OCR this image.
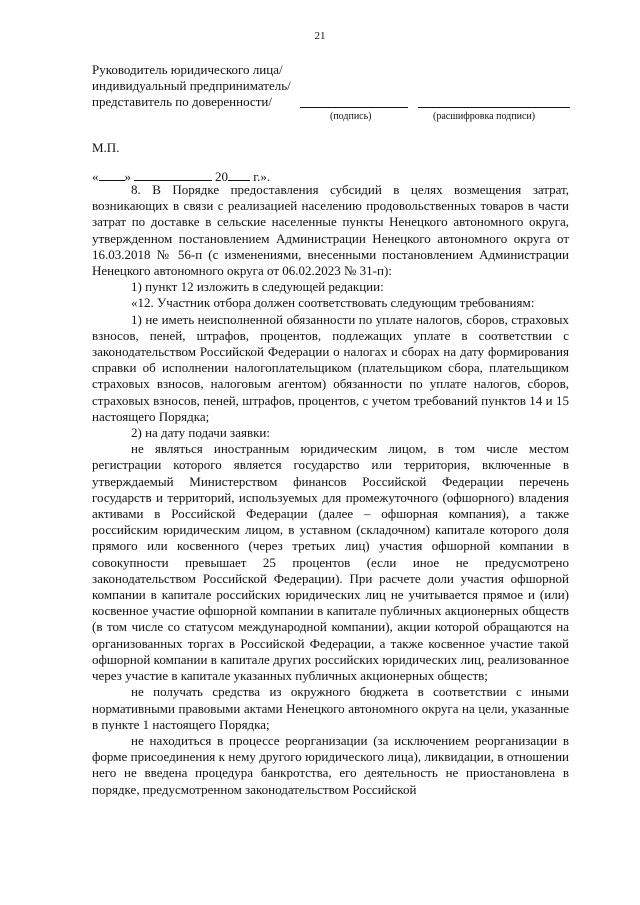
21
Руководитель юридического лица/
индивидуальный предприниматель/
представитель по доверенности/
(подпись)	(расшифровка подписи)
М.П.
« »	20 г.».

8. В Порядке предоставления субсидий в целях возмещения затрат, возникающих в связи с реализацией населению продовольственных товаров в части затрат по доставке в сельские населенные пункты Ненецкого автономного округа, утвержденном постановлением Администрации Ненецкого автономного округа от 16.03.2018 № 56-п (с изменениями, внесенными постановлением Администрации Ненецкого автономного округа от 06.02.2023 № 31-п):

1) пункт 12 изложить в следующей редакции:

«12. Участник отбора должен соответствовать следующим требованиям:

1) не иметь неисполненной обязанности по уплате налогов, сборов, страховых взносов, пеней, штрафов, процентов, подлежащих уплате в соответствии с законодательством Российской Федерации о налогах и сборах на дату формирования справки об исполнении налогоплательщиком (плательщиком сбора, плательщиком страховых взносов, налоговым агентом) обязанности по уплате налогов, сборов, страховых взносов, пеней, штрафов, процентов, с учетом требований пунктов 14 и 15 настоящего Порядка;

2) на дату подачи заявки:

не являться иностранным юридическим лицом, в том числе местом регистрации которого является государство или территория, включенные в утверждаемый Министерством финансов Российской Федерации перечень государств и территорий, используемых для промежуточного (офшорного) владения активами в Российской Федерации (далее – офшорная компания), а также российским юридическим лицом, в уставном (складочном) капитале которого доля прямого или косвенного (через третьих лиц) участия офшорной компании в совокупности превышает 25 процентов (если иное не предусмотрено законодательством Российской Федерации). При расчете доли участия офшорной компании в капитале российских юридических лиц не учитывается прямое и (или) косвенное участие офшорной компании в капитале публичных акционерных обществ (в том числе со статусом международной компании), акции которой обращаются на организованных торгах в Российской Федерации, а также косвенное участие такой офшорной компании в капитале других российских юридических лиц, реализованное через участие в капитале указанных публичных акционерных обществ;

не получать средства из окружного бюджета в соответствии с иными нормативными правовыми актами Ненецкого автономного округа на цели, указанные в пункте 1 настоящего Порядка;

не находиться в процессе реорганизации (за исключением реорганизации в форме присоединения к нему другого юридического лица), ликвидации, в отношении него не введена процедура банкротства, его деятельность не приостановлена в порядке, предусмотренном законодательством Российской
